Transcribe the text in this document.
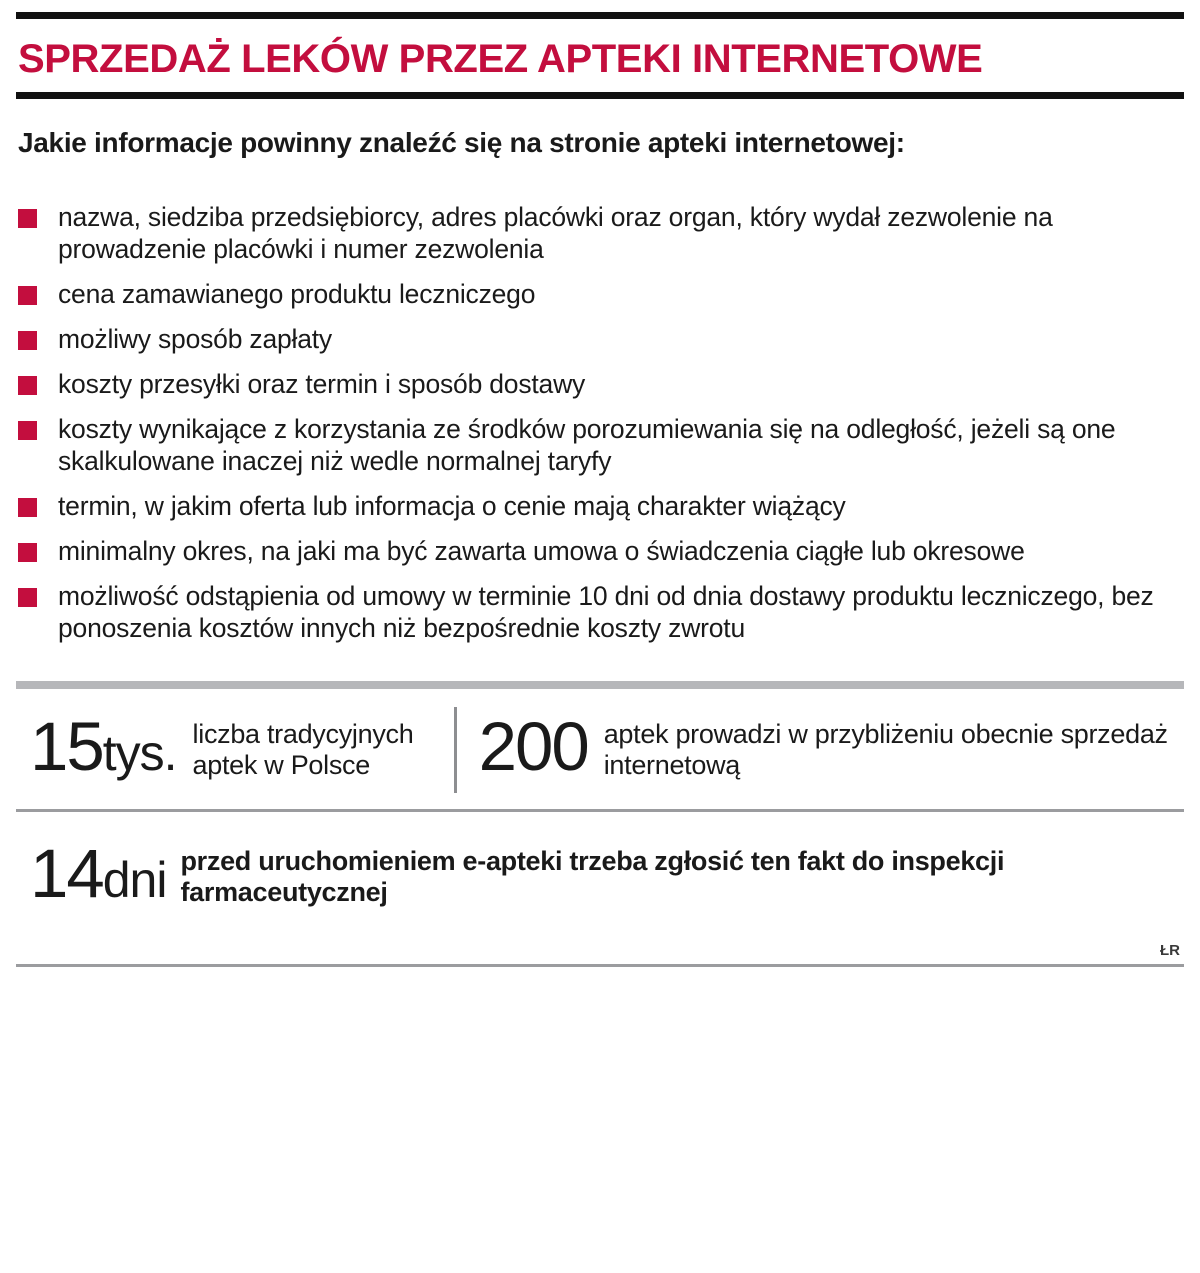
SPRZEDAŻ LEKÓW PRZEZ APTEKI INTERNETOWE
Jakie informacje powinny znaleźć się na stronie apteki internetowej:
nazwa, siedziba przedsiębiorcy, adres placówki oraz organ, który wydał zezwolenie na prowadzenie placówki i numer zezwolenia
cena zamawianego produktu leczniczego
możliwy sposób zapłaty
koszty przesyłki oraz termin i sposób dostawy
koszty wynikające z korzystania ze środków porozumiewania się na odległość, jeżeli są one skalkulowane inaczej niż wedle normalnej taryfy
termin, w jakim oferta lub informacja o cenie mają charakter wiążący
minimalny okres, na jaki ma być zawarta umowa o świadczenia ciągłe lub okresowe
możliwość odstąpienia od umowy w terminie 10 dni od dnia dostawy produktu leczniczego, bez ponoszenia kosztów innych niż bezpośrednie koszty zwrotu
15tys. liczba tradycyjnych aptek w Polsce	200 aptek prowadzi w przybliżeniu obecnie sprzedaż internetową
14dni przed uruchomieniem e-apteki trzeba zgłosić ten fakt do inspekcji farmaceutycznej
ŁR
